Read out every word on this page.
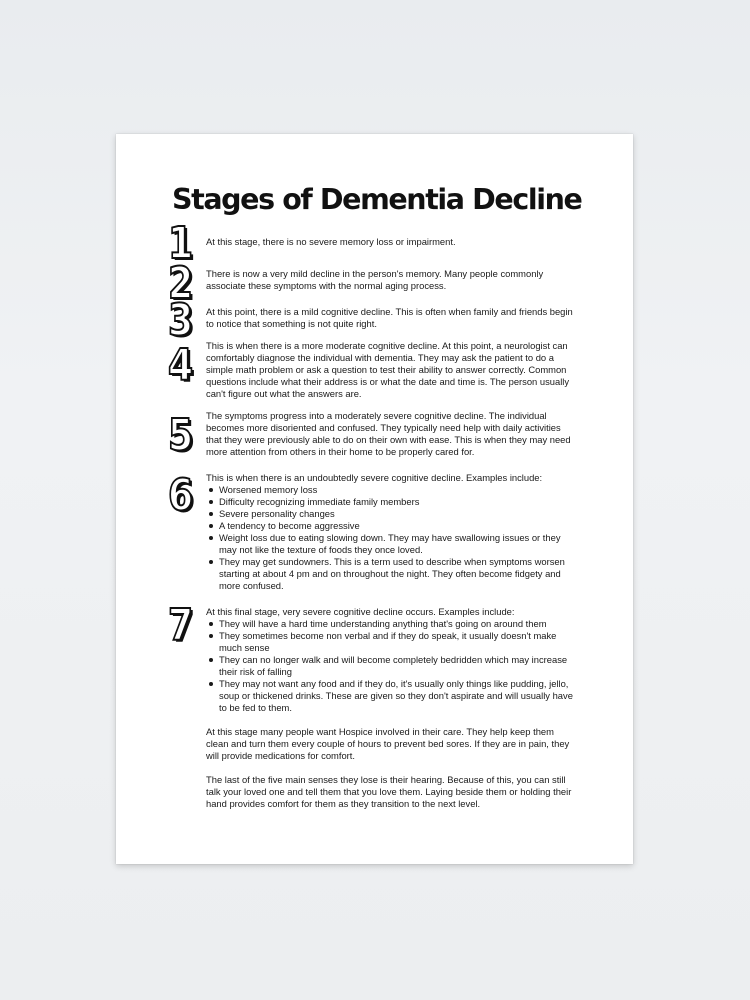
Stages of Dementia Decline
1 At this stage, there is no severe memory loss or impairment.

2 There is now a very mild decline in the person's memory. Many people commonly associate these symptoms with the normal aging process.

3 At this point, there is a mild cognitive decline. This is often when family and friends begin to notice that something is not quite right.

4 This is when there is a more moderate cognitive decline. At this point, a neurologist can comfortably diagnose the individual with dementia. They may ask the patient to do a simple math problem or ask a question to test their ability to answer correctly. Common questions include what their address is or what the date and time is. The person usually can't figure out what the answers are.

5 The symptoms progress into a moderately severe cognitive decline. The individual becomes more disoriented and confused. They typically need help with daily activities that they were previously able to do on their own with ease. This is when they may need more attention from others in their home to be properly cared for.

6 This is when there is an undoubtedly severe cognitive decline. Examples include:

Worsened memory loss
Difficulty recognizing immediate family members
Severe personality changes
A tendency to become aggressive
Weight loss due to eating slowing down. They may have swallowing issues or they may not like the texture of foods they once loved.
They may get sundowners. This is a term used to describe when symptoms worsen starting at about 4 pm and on throughout the night. They often become fidgety and more confused.
7 At this final stage, very severe cognitive decline occurs. Examples include:

They will have a hard time understanding anything that's going on around them
They sometimes become non verbal and if they do speak, it usually doesn't make much sense
They can no longer walk and will become completely bedridden which may increase their risk of falling
They may not want any food and if they do, it's usually only things like pudding, jello, soup or thickened drinks. These are given so they don't aspirate and will usually have to be fed to them.

At this stage many people want Hospice involved in their care. They help keep them clean and turn them every couple of hours to prevent bed sores. If they are in pain, they will provide medications for comfort.

The last of the five main senses they lose is their hearing. Because of this, you can still talk your loved one and tell them that you love them. Laying beside them or holding their hand provides comfort for them as they transition to the next level.
